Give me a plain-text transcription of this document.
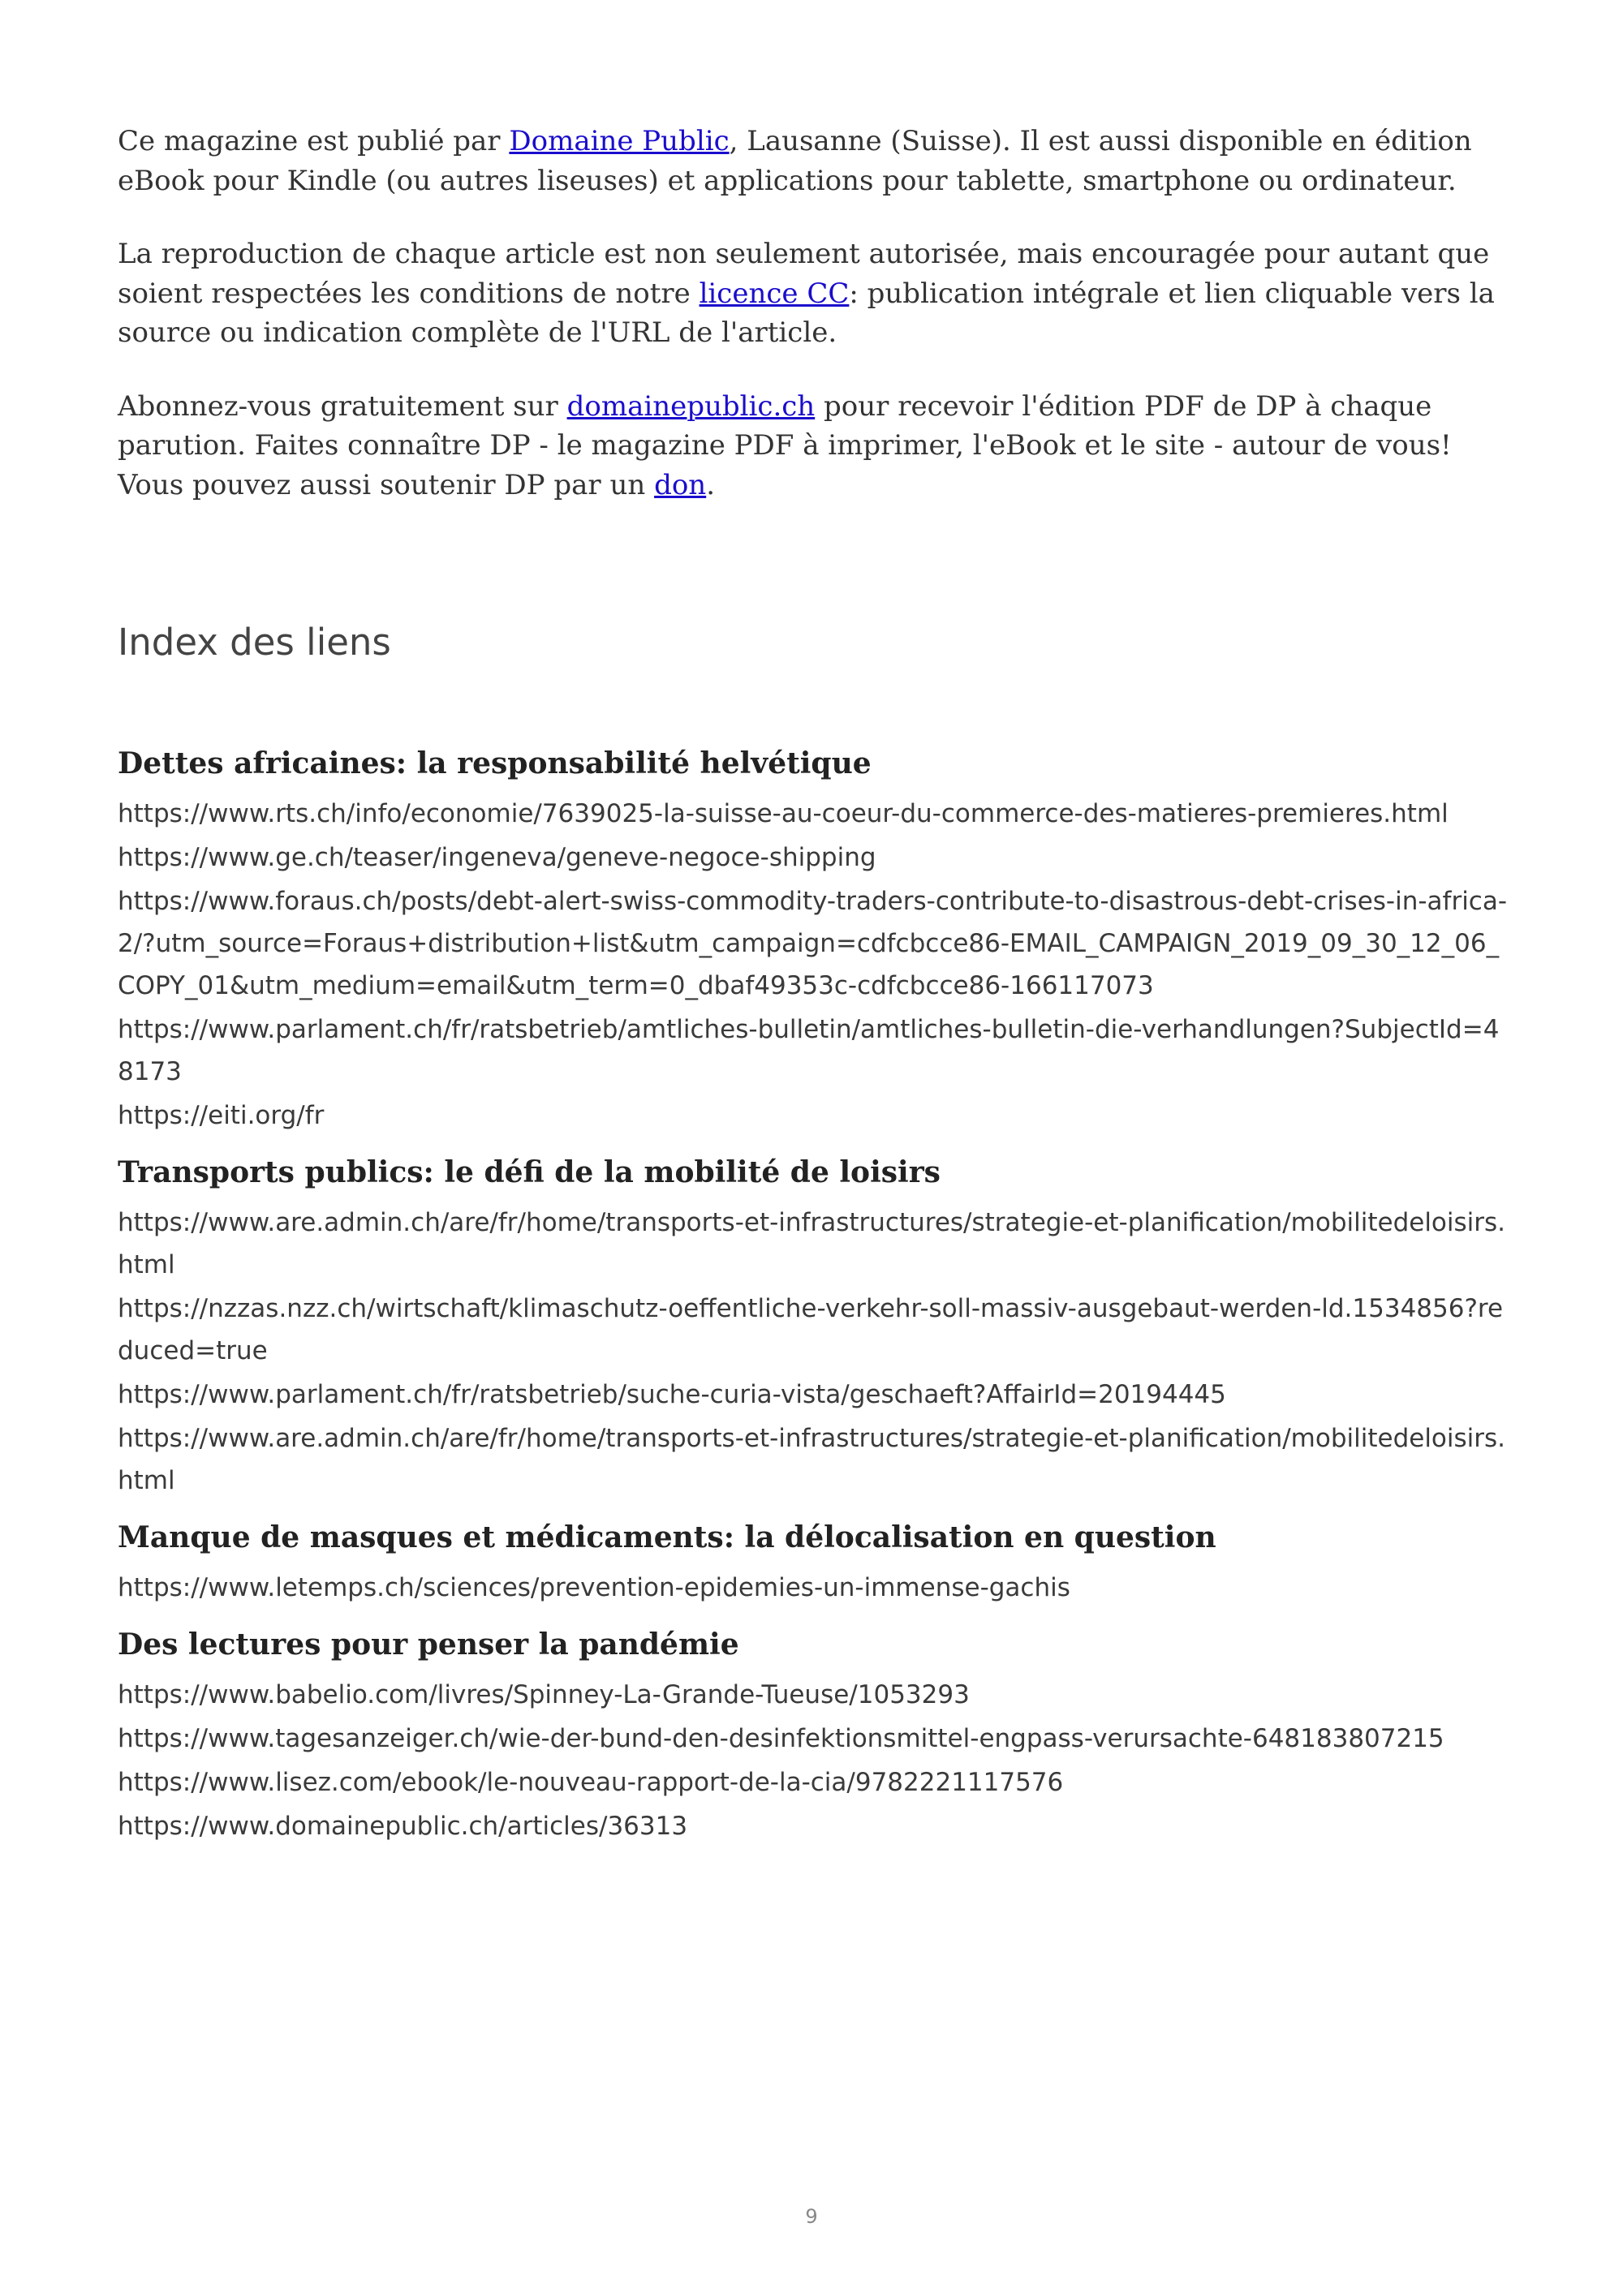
Ce magazine est publié par Domaine Public, Lausanne (Suisse). Il est aussi disponible en édition eBook pour Kindle (ou autres liseuses) et applications pour tablette, smartphone ou ordinateur.

La reproduction de chaque article est non seulement autorisée, mais encouragée pour autant que soient respectées les conditions de notre licence CC: publication intégrale et lien cliquable vers la source ou indication complète de l'URL de l'article.

Abonnez-vous gratuitement sur domainepublic.ch pour recevoir l'édition PDF de DP à chaque parution. Faites connaître DP - le magazine PDF à imprimer, l'eBook et le site - autour de vous! Vous pouvez aussi soutenir DP par un don.

Index des liens
Dettes africaines: la responsabilité helvétique
https://www.rts.ch/info/economie/7639025-la-suisse-au-coeur-du-commerce-des-matieres-premieres.html
https://www.ge.ch/teaser/ingeneva/geneve-negoce-shipping
https://www.foraus.ch/posts/debt-alert-swiss-commodity-traders-contribute-to-disastrous-debt-crises-in-africa-2/?utm_source=Foraus+distribution+list&utm_campaign=cdfcbcce86-EMAIL_CAMPAIGN_2019_09_30_12_06_COPY_01&utm_medium=email&utm_term=0_dbaf49353c-cdfcbcce86-166117073
https://www.parlament.ch/fr/ratsbetrieb/amtliches-bulletin/amtliches-bulletin-die-verhandlungen?SubjectId=48173
https://eiti.org/fr
Transports publics: le défi de la mobilité de loisirs
https://www.are.admin.ch/are/fr/home/transports-et-infrastructures/strategie-et-planification/mobilitedeloisirs.html
https://nzzas.nzz.ch/wirtschaft/klimaschutz-oeffentliche-verkehr-soll-massiv-ausgebaut-werden-ld.1534856?reduced=true
https://www.parlament.ch/fr/ratsbetrieb/suche-curia-vista/geschaeft?AffairId=20194445
https://www.are.admin.ch/are/fr/home/transports-et-infrastructures/strategie-et-planification/mobilitedeloisirs.html
Manque de masques et médicaments: la délocalisation en question
https://www.letemps.ch/sciences/prevention-epidemies-un-immense-gachis
Des lectures pour penser la pandémie
https://www.babelio.com/livres/Spinney-La-Grande-Tueuse/1053293
https://www.tagesanzeiger.ch/wie-der-bund-den-desinfektionsmittel-engpass-verursachte-648183807215
https://www.lisez.com/ebook/le-nouveau-rapport-de-la-cia/9782221117576
https://www.domainepublic.ch/articles/36313
9
